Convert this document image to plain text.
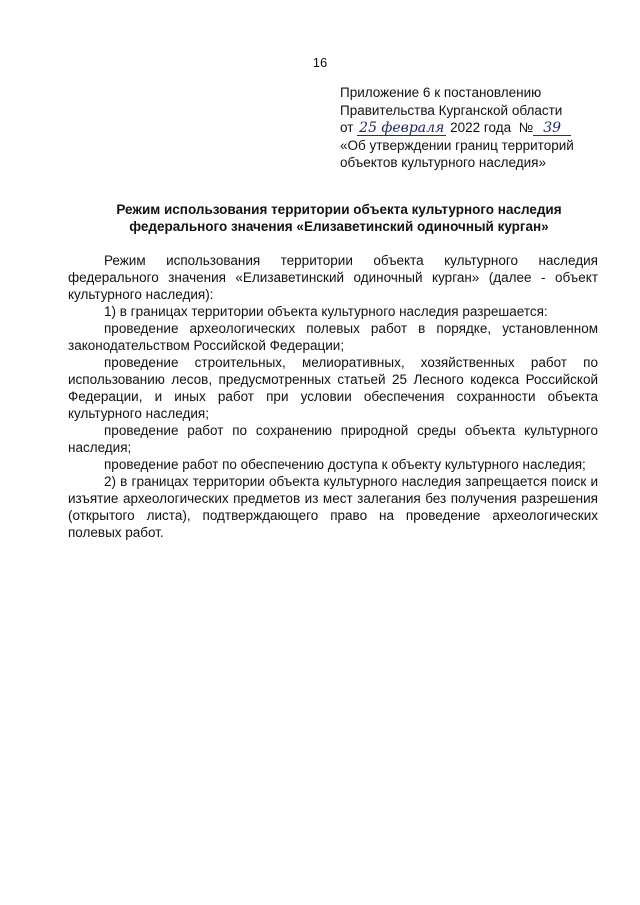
16
Приложение 6 к постановлению
Правительства Курганской области
от 25 февраля 2022 года № 39
«Об утверждении границ территорий
объектов культурного наследия»
Режим использования территории объекта культурного наследия
федерального значения «Елизаветинский одиночный курган»

Режим использования территории объекта культурного наследия федерального значения «Елизаветинский одиночный курган» (далее - объект культурного наследия):

1) в границах территории объекта культурного наследия разрешается:

проведение археологических полевых работ в порядке, установленном законодательством Российской Федерации;

проведение строительных, мелиоративных, хозяйственных работ по использованию лесов, предусмотренных статьей 25 Лесного кодекса Российской Федерации, и иных работ при условии обеспечения сохранности объекта культурного наследия;

проведение работ по сохранению природной среды объекта культурного наследия;

проведение работ по обеспечению доступа к объекту культурного наследия;

2) в границах территории объекта культурного наследия запрещается поиск и изъятие археологических предметов из мест залегания без получения разрешения (открытого листа), подтверждающего право на проведение археологических полевых работ.
